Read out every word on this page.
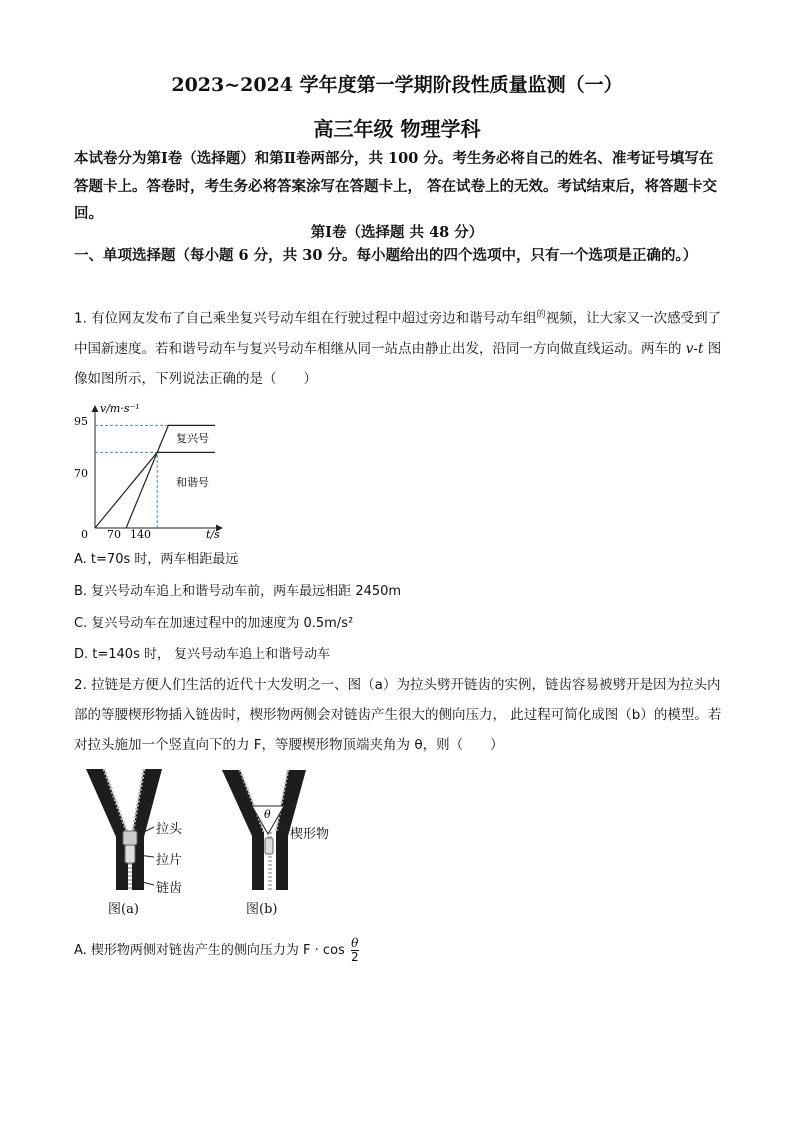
2023~2024 学年度第一学期阶段性质量监测（一）
高三年级 物理学科
本试卷分为第Ⅰ卷（选择题）和第Ⅱ卷两部分，共 100 分。考生务必将自己的姓名、准考证号填写在答题卡上。答卷时，考生务必将答案涂写在答题卡上， 答在试卷上的无效。考试结束后，将答题卡交回。
第Ⅰ卷（选择题 共 48 分）
一、单项选择题（每小题 6 分，共 30 分。每小题给出的四个选项中，只有一个选项是正确的。）
1. 有位网友发布了自己乘坐复兴号动车组在行驶过程中超过旁边和谐号动车组$^的$视频，让大家又一次感受到了中国新速度。若和谐号动车与复兴号动车相继从同一站点由静止出发，沿同一方向做直线运动。两车的 v-t 图像如图所示，下列说法正确的是（　　）
v/m·s⁻¹
t/s
0
95
70
70 140
复兴号
和谐号
A. t=70s 时，两车相距最远
B. 复兴号动车追上和谐号动车前，两车最远相距 2450m
C. 复兴号动车在加速过程中的加速度为 0.5m/s²
D. t=140s 时， 复兴号动车追上和谐号动车
2. 拉链是方便人们生活的近代十大发明之一、图（a）为拉头劈开链齿的实例，链齿容易被劈开是因为拉头内部的等腰楔形物插入链齿时，楔形物两侧会对链齿产生很大的侧向压力， 此过程可简化成图（b）的模型。若对拉头施加一个竖直向下的力 F，等腰楔形物顶端夹角为 θ，则（　　）
拉头
拉片
链齿
图(a)
θ
楔形物
图(b)
A. 楔形物两侧对链齿产生的侧向压力为 $F \cdot \cos \frac{\theta}{2}$
